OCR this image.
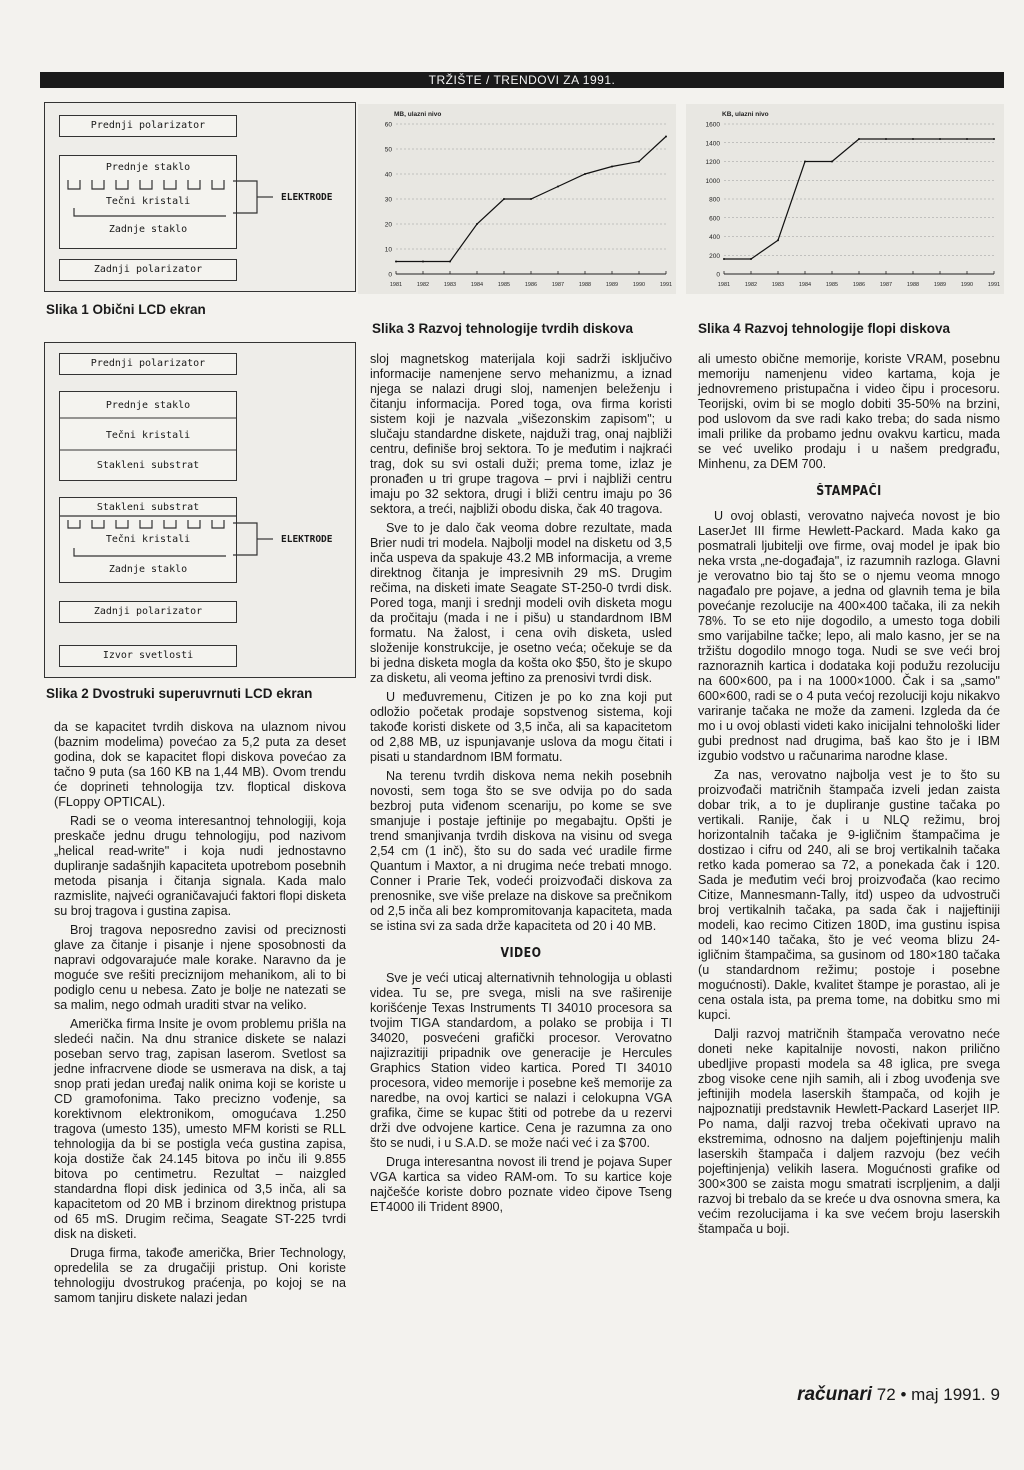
TRŽIŠTE / TRENDOVI ZA 1991.
Prednji polarizator
Prednje staklo
Tečni kristali
Zadnje staklo
ELEKTRODE
Zadnji polarizator
Slika 1 Obični LCD ekran
Prednji polarizator
Prednje staklo
Tečni kristali
Stakleni substrat
Stakleni substrat
Tečni kristali
Zadnje staklo
ELEKTRODE
Zadnji polarizator
Izvor svetlosti
Slika 2 Dvostruki superuvrnuti LCD ekran
MB, ulazni nivo
0
10
20
30
40
50
60
1981	1982	1983	1984	1985	1986	1987	1988	1989	1990	1991
Slika 3 Razvoj tehnologije tvrdih diskova
KB, ulazni nivo
0
200
400
600
800
1000
1200
1400
1600
1981	1982	1983	1984	1985	1986	1987	1988	1989	1990	1991
Slika 4 Razvoj tehnologije flopi diskova

da se kapacitet tvrdih diskova na ulaznom nivou (baznim modelima) povećao za 5,2 puta za deset godina, dok se kapacitet flopi diskova povećao za tačno 9 puta (sa 160 KB na 1,44 MB). Ovom trendu će doprineti tehnologija tzv. floptical diskova (FLoppy OPTICAL).

Radi se o veoma interesantnoj tehnologiji, koja preskače jednu drugu tehnologiju, pod nazivom „helical read-write" i koja nudi jednostavno dupliranje sadašnjih kapaciteta upotrebom posebnih metoda pisanja i čitanja signala. Kada malo razmislite, najveći ograničavajući faktori flopi disketa su broj tragova i gustina zapisa.

Broj tragova neposredno zavisi od preciznosti glave za čitanje i pisanje i njene sposobnosti da napravi odgovarajuće male korake. Naravno da je moguće sve rešiti preciznijom mehanikom, ali to bi podiglo cenu u nebesa. Zato je bolje ne natezati se sa malim, nego odmah uraditi stvar na veliko.

Američka firma Insite je ovom problemu prišla na sledeći način. Na dnu stranice diskete se nalazi poseban servo trag, zapisan laserom. Svetlost sa jedne infracrvene diode se usmerava na disk, a taj snop prati jedan uređaj nalik onima koji se koriste u CD gramofonima. Tako precizno vođenje, sa korektivnom elektronikom, omogućava 1.250 tragova (umesto 135), umesto MFM koristi se RLL tehnologija da bi se postigla veća gustina zapisa, koja dostiže čak 24.145 bitova po inču ili 9.855 bitova po centimetru. Rezultat – naizgled standardna flopi disk jedinica od 3,5 inča, ali sa kapacitetom od 20 MB i brzinom direktnog pristupa od 65 mS. Drugim rečima, Seagate ST-225 tvrdi disk na disketi.

Druga firma, takođe američka, Brier Technology, opredelila se za drugačiji pristup. Oni koriste tehnologiju dvostrukog praćenja, po kojoj se na samom tanjiru diskete nalazi jedan

sloj magnetskog materijala koji sadrži isključivo informacije namenjene servo mehanizmu, a iznad njega se nalazi drugi sloj, namenjen beleženju i čitanju informacija. Pored toga, ova firma koristi sistem koji je nazvala „višezonskim zapisom"; u slučaju standardne diskete, najduži trag, onaj najbliži centru, definiše broj sektora. To je međutim i najkraći trag, dok su svi ostali duži; prema tome, izlaz je pronađen u tri grupe tragova – prvi i najbliži centru imaju po 32 sektora, drugi i bliži centru imaju po 36 sektora, a treći, najbliži obodu diska, čak 40 tragova.

Sve to je dalo čak veoma dobre rezultate, mada Brier nudi tri modela. Najbolji model na disketu od 3,5 inča uspeva da spakuje 43.2 MB informacija, a vreme direktnog čitanja je impresivnih 29 mS. Drugim rečima, na disketi imate Seagate ST-250-0 tvrdi disk. Pored toga, manji i srednji modeli ovih disketa mogu da pročitaju (mada i ne i pišu) u standardnom IBM formatu. Na žalost, i cena ovih disketa, usled složenije konstrukcije, je osetno veća; očekuje se da bi jedna disketa mogla da košta oko $50, što je skupo za disketu, ali veoma jeftino za prenosivi tvrdi disk.

U međuvremenu, Citizen je po ko zna koji put odložio početak prodaje sopstvenog sistema, koji takođe koristi diskete od 3,5 inča, ali sa kapacitetom od 2,88 MB, uz ispunjavanje uslova da mogu čitati i pisati u standardnom IBM formatu.

Na terenu tvrdih diskova nema nekih posebnih novosti, sem toga što se sve odvija po do sada bezbroj puta viđenom scenariju, po kome se sve smanjuje i postaje jeftinije po megabajtu. Opšti je trend smanjivanja tvrdih diskova na visinu od svega 2,54 cm (1 inč), što su do sada već uradile firme Quantum i Maxtor, a ni drugima neće trebati mnogo. Conner i Prarie Tek, vodeći proizvođači diskova za prenosnike, sve više prelaze na diskove sa prečnikom od 2,5 inča ali bez kompromitovanja kapaciteta, mada se istina svi za sada drže kapaciteta od 20 i 40 MB.

VIDEO

Sve je veći uticaj alternativnih tehnologija u oblasti videa. Tu se, pre svega, misli na sve raširenije korišćenje Texas Instruments TI 34010 procesora sa tvojim TIGA standardom, a polako se probija i TI 34020, posvećeni grafički procesor. Verovatno najizrazitiji pripadnik ove generacije je Hercules Graphics Station video kartica. Pored TI 34010 procesora, video memorije i posebne keš memorije za naredbe, na ovoj kartici se nalazi i celokupna VGA grafika, čime se kupac štiti od potrebe da u rezervi drži dve odvojene kartice. Cena je razumna za ono što se nudi, i u S.A.D. se može naći već i za $700.

Druga interesantna novost ili trend je pojava Super VGA kartica sa video RAM-om. To su kartice koje najčešće koriste dobro poznate video čipove Tseng ET4000 ili Trident 8900,

ali umesto obične memorije, koriste VRAM, posebnu memoriju namenjenu video kartama, koja je jednovremeno pristupačna i video čipu i procesoru. Teorijski, ovim bi se moglo dobiti 35-50% na brzini, pod uslovom da sve radi kako treba; do sada nismo imali prilike da probamo jednu ovakvu karticu, mada se već uveliko prodaju i u našem predgrađu, Minhenu, za DEM 700.

ŠTAMPAČI

U ovoj oblasti, verovatno najveća novost je bio LaserJet III firme Hewlett-Packard. Mada kako ga posmatrali ljubitelji ove firme, ovaj model je ipak bio neka vrsta „ne-događaja", iz razumnih razloga. Glavni je verovatno bio taj što se o njemu veoma mnogo nagađalo pre pojave, a jedna od glavnih tema je bila povećanje rezolucije na 400×400 tačaka, ili za nekih 78%. To se eto nije dogodilo, a umesto toga dobili smo varijabilne tačke; lepo, ali malo kasno, jer se na tržištu dogodilo mnogo toga. Nudi se sve veći broj raznoraznih kartica i dodataka koji podužu rezoluciju na 600×600, pa i na 1000×1000. Čak i sa „samo" 600×600, radi se o 4 puta većoj rezoluciji koju nikakvo variranje tačaka ne može da zameni. Izgleda da će mo i u ovoj oblasti videti kako inicijalni tehnološki lider gubi prednost nad drugima, baš kao što je i IBM izgubio vodstvo u računarima narodne klase.

Za nas, verovatno najbolja vest je to što su proizvođači matričnih štampača izveli jedan zaista dobar trik, a to je dupliranje gustine tačaka po vertikali. Ranije, čak i u NLQ režimu, broj horizontalnih tačaka je 9-igličnim štampačima je dostizao i cifru od 240, ali se broj vertikalnih tačaka retko kada pomerao sa 72, a ponekada čak i 120. Sada je međutim veći broj proizvođača (kao recimo Citize, Mannesmann-Tally, itd) uspeo da udvostruči broj vertikalnih tačaka, pa sada čak i najjeftiniji modeli, kao recimo Citizen 180D, ima gustinu ispisa od 140×140 tačaka, što je već veoma blizu 24-igličnim štampačima, sa gusinom od 180×180 tačaka (u standardnom režimu; postoje i posebne mogućnosti). Dakle, kvalitet štampe je porastao, ali je cena ostala ista, pa prema tome, na dobitku smo mi kupci.

Dalji razvoj matričnih štampača verovatno neće doneti neke kapitalnije novosti, nakon prilično ubedljive propasti modela sa 48 iglica, pre svega zbog visoke cene njih samih, ali i zbog uvođenja sve jeftinijih modela laserskih štampača, od kojih je najpoznatiji predstavnik Hewlett-Packard Laserjet IIP. Po nama, dalji razvoj treba očekivati upravo na ekstremima, odnosno na daljem pojeftinjenju malih laserskih štampača i daljem razvoju (bez većih pojeftinjenja) velikih lasera. Mogućnosti grafike od 300×300 se zaista mogu smatrati iscrpljenim, a dalji razvoj bi trebalo da se kreće u dva osnovna smera, ka većim rezolucijama i ka sve većem broju laserskih štampača u boji.

računari 72 • maj 1991. 9
